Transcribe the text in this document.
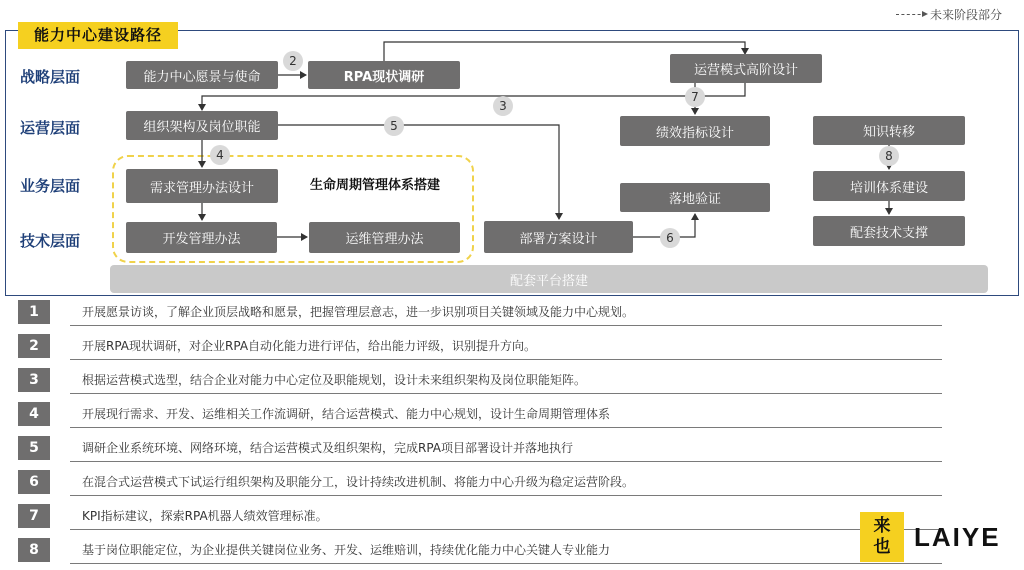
未来阶段部分
能力中心建设路径
战略层面
运营层面
业务层面
技术层面
生命周期管理体系搭建
2
3
4
5
6
7
8
能力中心愿景与使命	RPA现状调研	运营模式高阶设计
组织架构及岗位职能	绩效指标设计	知识转移
需求管理办法设计
落地验证
培训体系建设
开发管理办法	运维管理办法	部署方案设计	配套技术支撑
配套平台搭建
1	开展愿景访谈，了解企业顶层战略和愿景，把握管理层意志，进一步识别项目关键领域及能力中心规划。
2	开展RPA现状调研，对企业RPA自动化能力进行评估，给出能力评级，识别提升方向。
3	根据运营模式选型，结合企业对能力中心定位及职能规划，设计未来组织架构及岗位职能矩阵。
4	开展现行需求、开发、运维相关工作流调研，结合运营模式、能力中心规划，设计生命周期管理体系
5	调研企业系统环境、网络环境，结合运营模式及组织架构，完成RPA项目部署设计并落地执行
6	在混合式运营模式下试运行组织架构及职能分工，设计持续改进机制、将能力中心升级为稳定运营阶段。
7	KPI指标建议，探索RPA机器人绩效管理标准。
8	基于岗位职能定位，为企业提供关键岗位业务、开发、运维赔训，持续优化能力中心关键人专业能力
来
也 LAIYE
